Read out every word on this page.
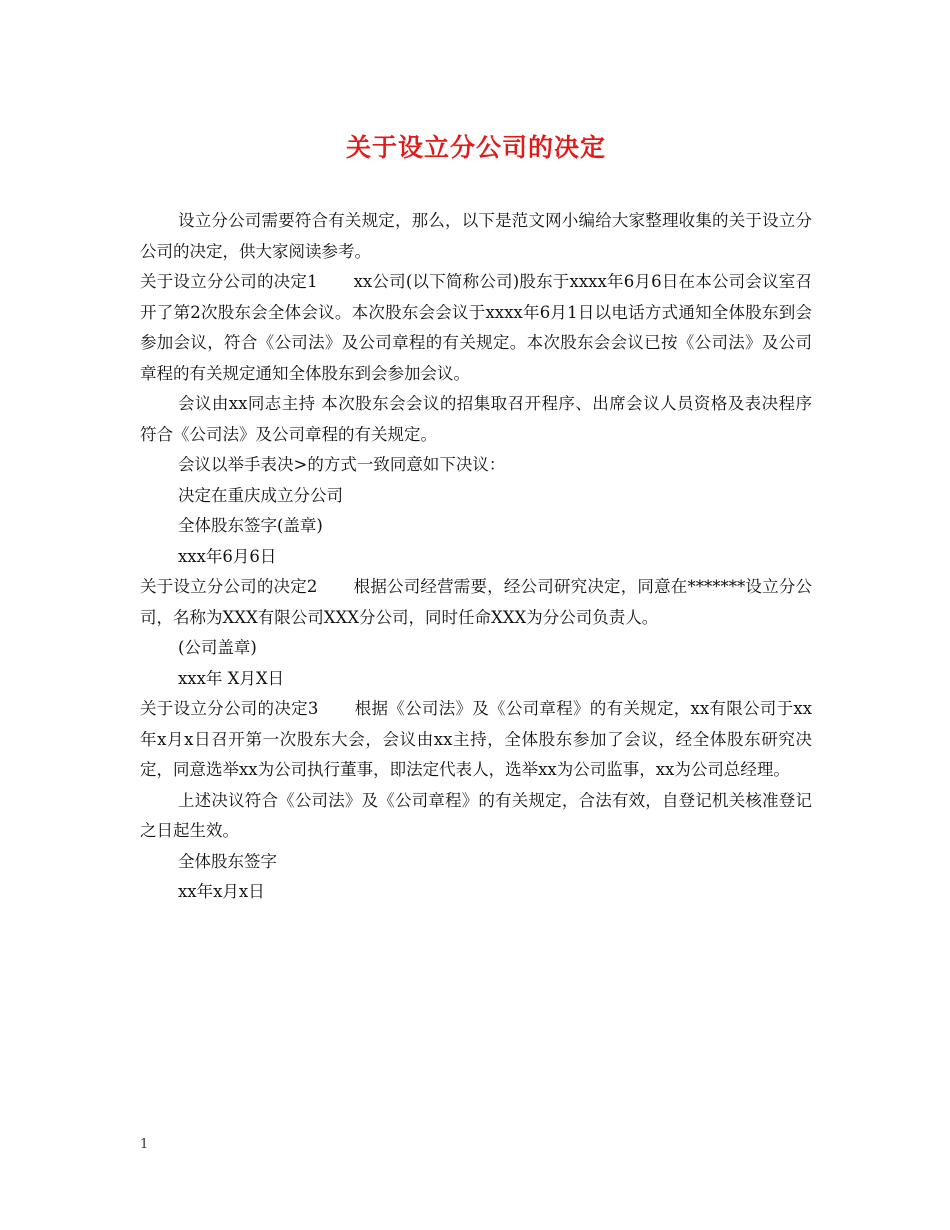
关于设立分公司的决定

设立分公司需要符合有关规定，那么，以下是范文网小编给大家整理收集的关于设立分公司的决定，供大家阅读参考。

关于设立分公司的决定1 xx公司(以下简称公司)股东于xxxx年6月6日在本公司会议室召开了第2次股东会全体会议。本次股东会会议于xxxx年6月1日以电话方式通知全体股东到会参加会议，符合《公司法》及公司章程的有关规定。本次股东会会议已按《公司法》及公司章程的有关规定通知全体股东到会参加会议。

会议由xx同志主持 本次股东会会议的招集取召开程序、出席会议人员资格及表决程序符合《公司法》及公司章程的有关规定。

会议以举手表决>的方式一致同意如下决议：

决定在重庆成立分公司

全体股东签字(盖章)

xxx年6月6日

关于设立分公司的决定2 根据公司经营需要，经公司研究决定，同意在*******设立分公司，名称为XXX有限公司XXX分公司，同时任命XXX为分公司负责人。

(公司盖章)

xxx年 X月X日

关于设立分公司的决定3 根据《公司法》及《公司章程》的有关规定，xx有限公司于xx年x月x日召开第一次股东大会，会议由xx主持，全体股东参加了会议，经全体股东研究决定，同意选举xx为公司执行董事，即法定代表人，选举xx为公司监事，xx为公司总经理。

上述决议符合《公司法》及《公司章程》的有关规定，合法有效，自登记机关核准登记之日起生效。

全体股东签字

xx年x月x日

1
